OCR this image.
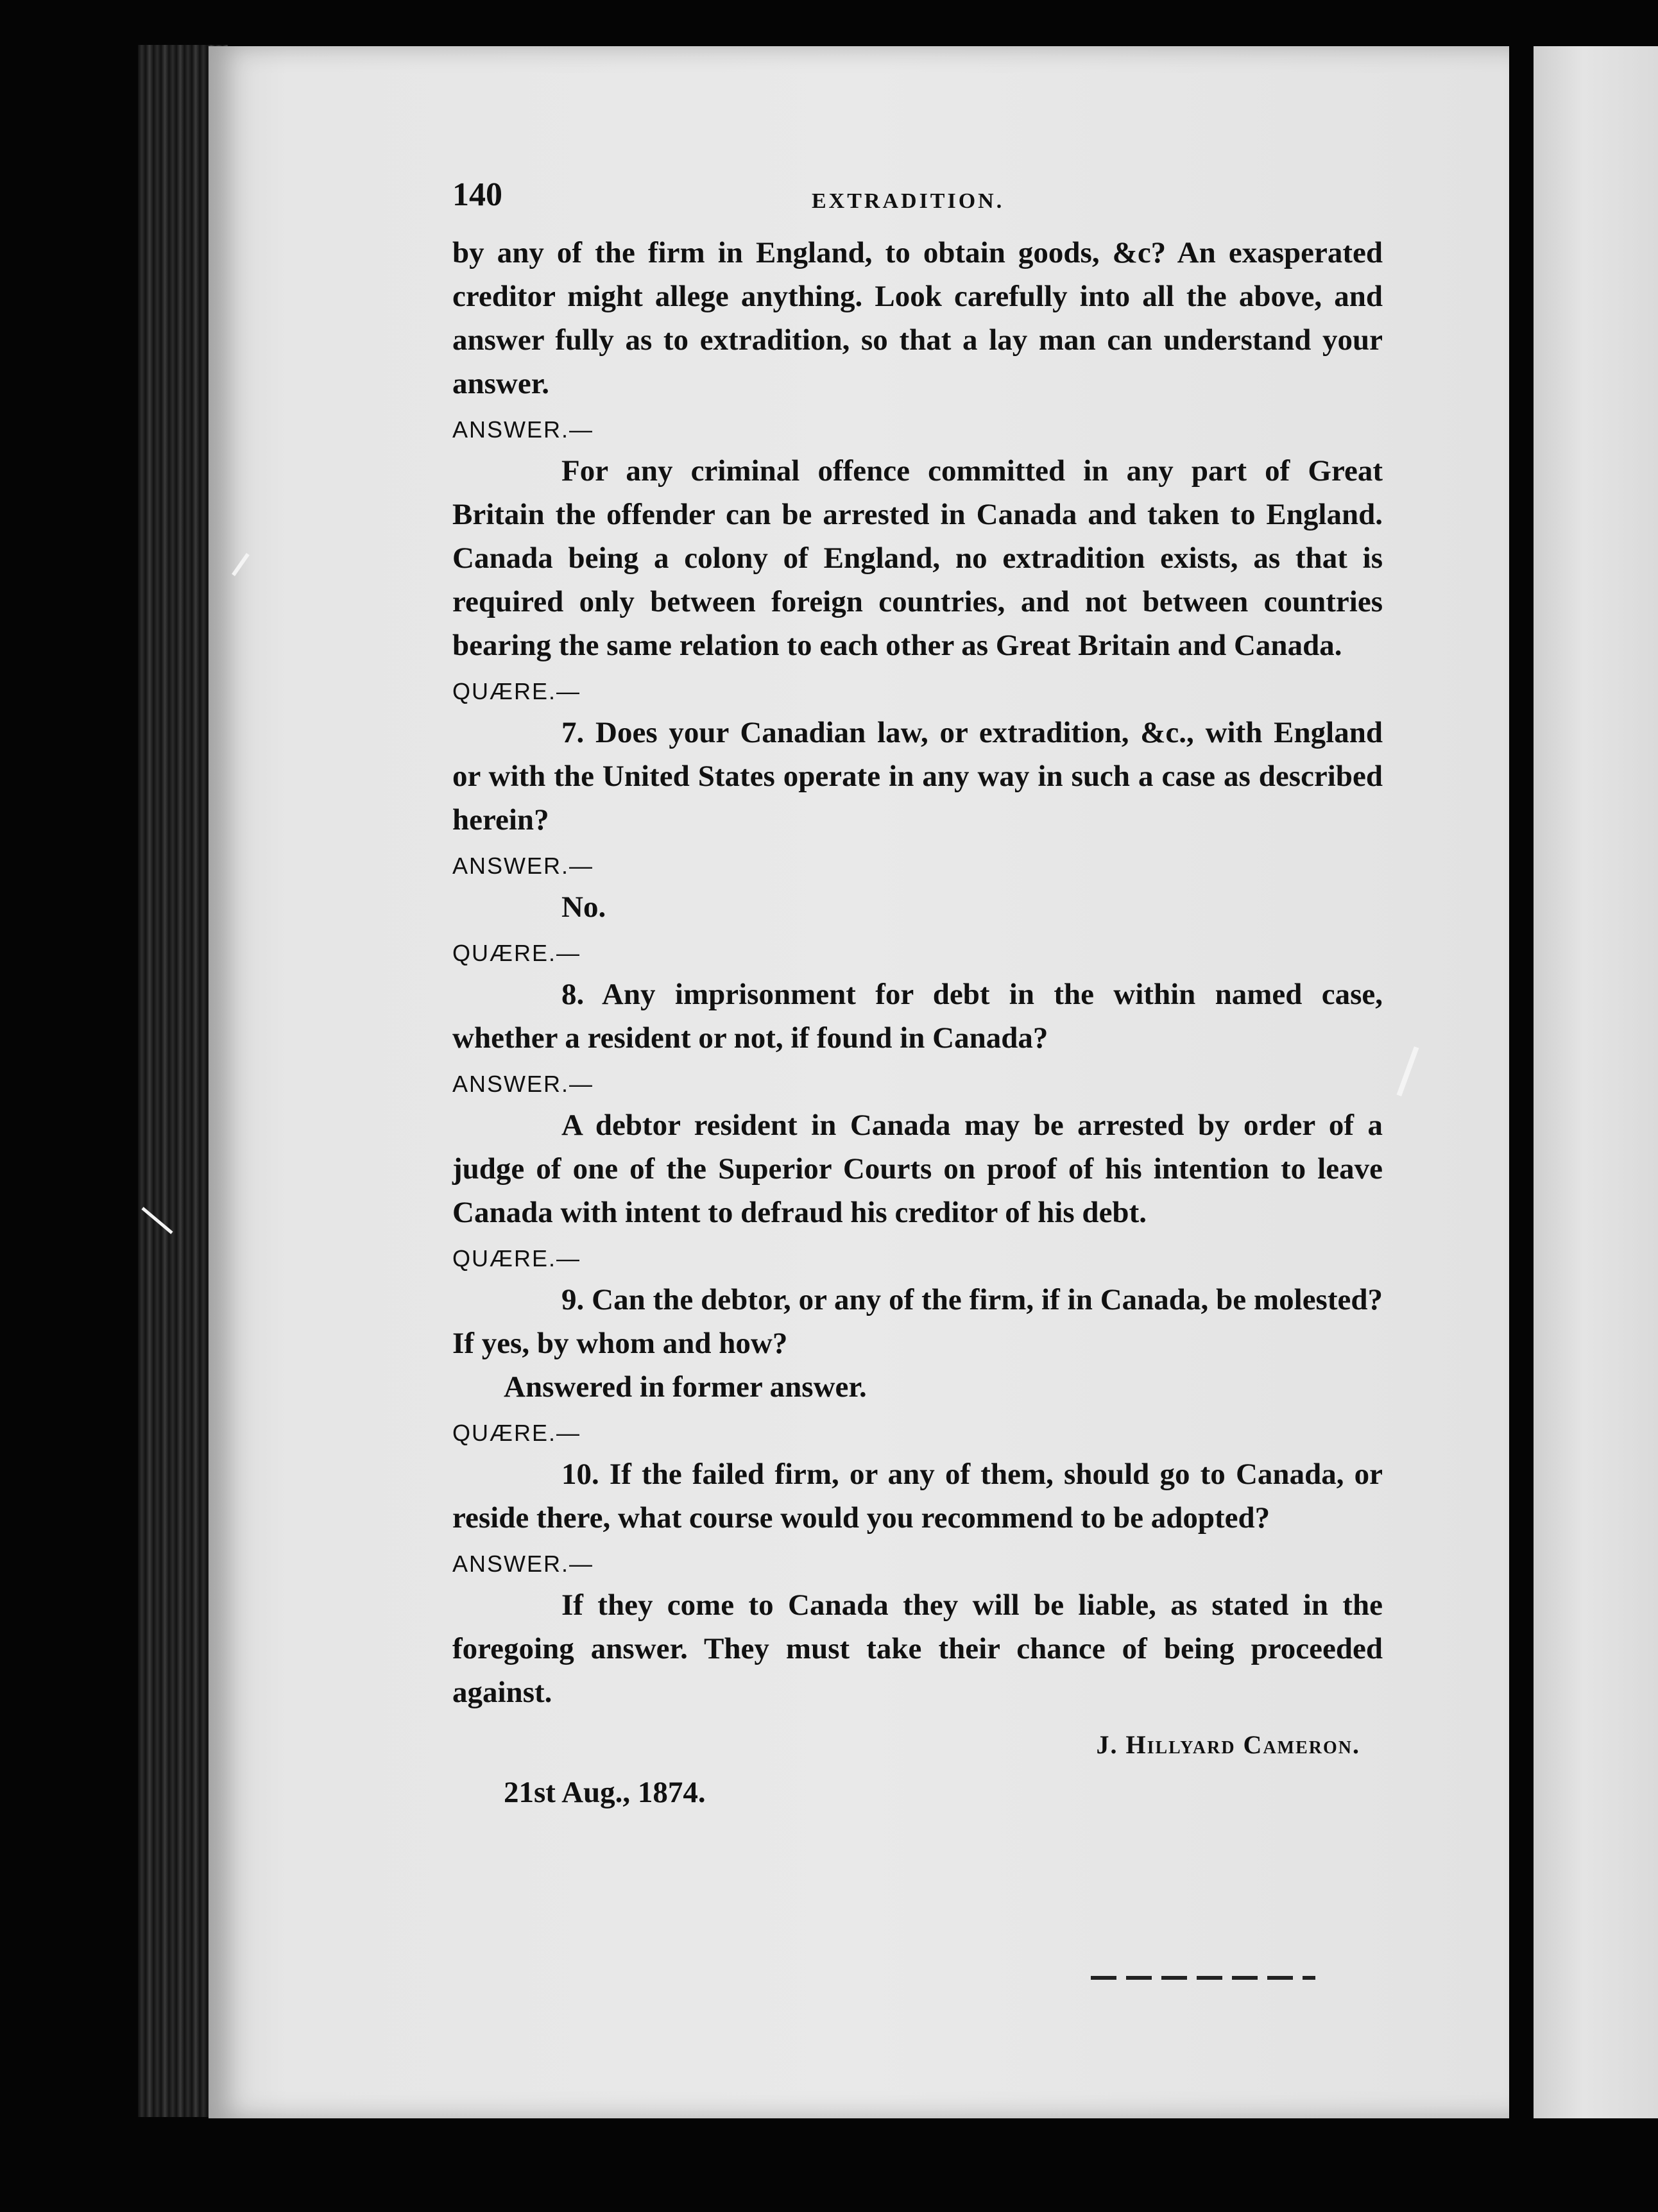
140	EXTRADITION.

by any of the firm in England, to obtain goods, &c? An exasperated creditor might allege anything. Look carefully into all the above, and answer fully as to extradition, so that a lay man can understand your answer.

ANSWER.—

For any criminal offence committed in any part of Great Britain the offender can be arrested in Canada and taken to England. Canada being a colony of England, no extradition exists, as that is required only between foreign countries, and not between countries bearing the same relation to each other as Great Britain and Canada.

QUÆRE.—

7. Does your Canadian law, or extradition, &c., with England or with the United States operate in any way in such a case as described herein?

ANSWER.—

No.

QUÆRE.—

8. Any imprisonment for debt in the within named case, whether a resident or not, if found in Canada?

ANSWER.—

A debtor resident in Canada may be arrested by order of a judge of one of the Superior Courts on proof of his intention to leave Canada with intent to defraud his creditor of his debt.

QUÆRE.—

9. Can the debtor, or any of the firm, if in Canada, be molested? If yes, by whom and how?

Answered in former answer.

QUÆRE.—

10. If the failed firm, or any of them, should go to Canada, or reside there, what course would you recommend to be adopted?

ANSWER.—

If they come to Canada they will be liable, as stated in the foregoing answer. They must take their chance of being proceeded against.

J. Hillyard Cameron.

21st Aug., 1874.
